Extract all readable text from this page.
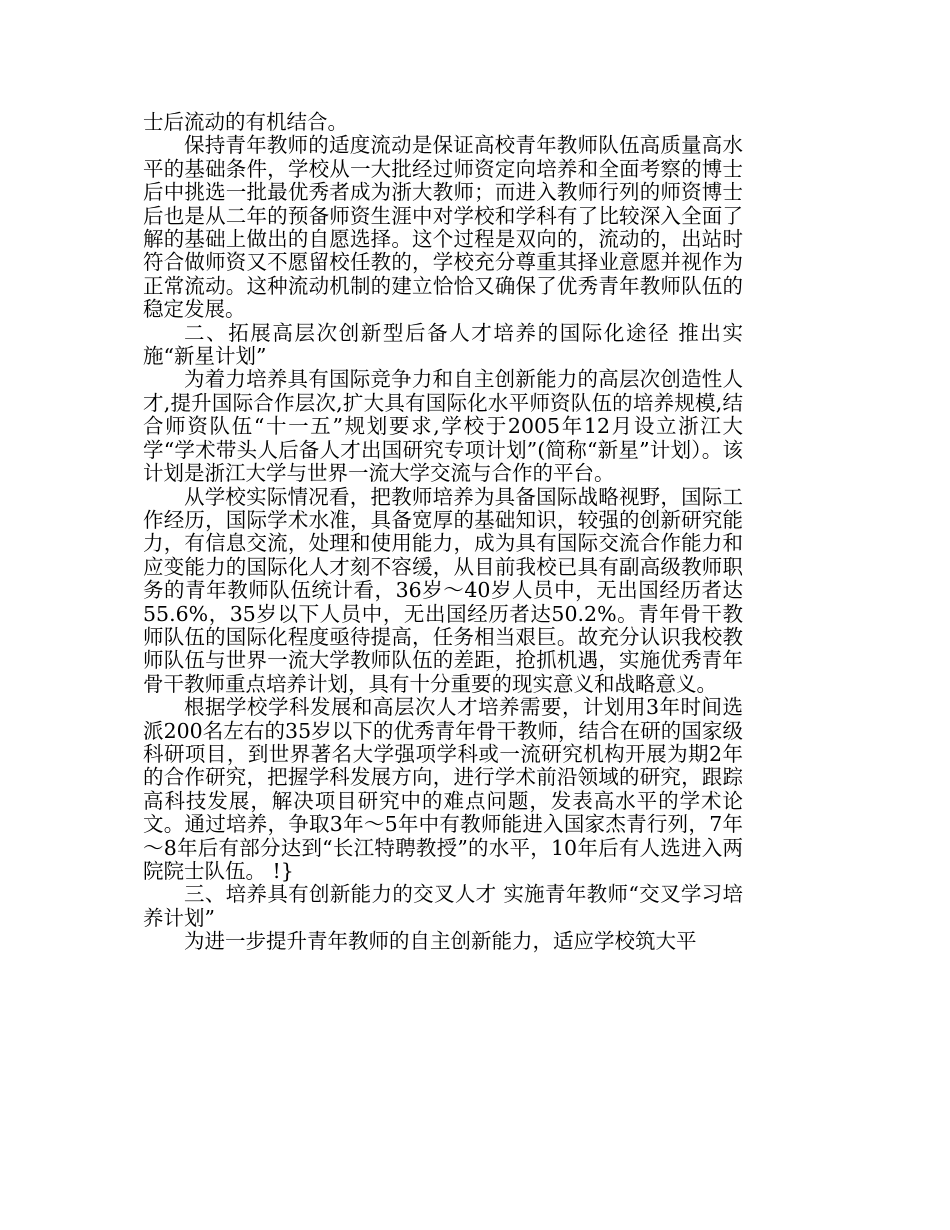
士后流动的有机结合。

保持青年教师的适度流动是保证高校青年教师队伍高质量高水平的基础条件，学校从一大批经过师资定向培养和全面考察的博士后中挑选一批最优秀者成为浙大教师；而进入教师行列的师资博士后也是从二年的预备师资生涯中对学校和学科有了比较深入全面了解的基础上做出的自愿选择。这个过程是双向的，流动的，出站时符合做师资又不愿留校任教的，学校充分尊重其择业意愿并视作为正常流动。这种流动机制的建立恰恰又确保了优秀青年教师队伍的稳定发展。

二、拓展高层次创新型后备人才培养的国际化途径 推出实施“新星计划”

为着力培养具有国际竞争力和自主创新能力的高层次创造性人才,提升国际合作层次,扩大具有国际化水平师资队伍的培养规模,结合师资队伍“十一五”规划要求,学校于2005年12月设立浙江大学“学术带头人后备人才出国研究专项计划”(简称“新星”计划）。该计划是浙江大学与世界一流大学交流与合作的平台。

从学校实际情况看，把教师培养为具备国际战略视野，国际工作经历，国际学术水准，具备宽厚的基础知识，较强的创新研究能力，有信息交流，处理和使用能力，成为具有国际交流合作能力和应变能力的国际化人才刻不容缓，从目前我校已具有副高级教师职务的青年教师队伍统计看，36岁～40岁人员中，无出国经历者达55.6%，35岁以下人员中，无出国经历者达50.2%。青年骨干教师队伍的国际化程度亟待提高，任务相当艰巨。故充分认识我校教师队伍与世界一流大学教师队伍的差距，抢抓机遇，实施优秀青年骨干教师重点培养计划，具有十分重要的现实意义和战略意义。

根据学校学科发展和高层次人才培养需要，计划用3年时间选派200名左右的35岁以下的优秀青年骨干教师，结合在研的国家级科研项目，到世界著名大学强项学科或一流研究机构开展为期2年的合作研究，把握学科发展方向，进行学术前沿领域的研究，跟踪高科技发展，解决项目研究中的难点问题，发表高水平的学术论文。通过培养，争取3年～5年中有教师能进入国家杰青行列，7年～8年后有部分达到“长江特聘教授”的水平，10年后有人选进入两院院士队伍。 !}

三、培养具有创新能力的交叉人才 实施青年教师“交叉学习培养计划”

为进一步提升青年教师的自主创新能力，适应学校筑大平
